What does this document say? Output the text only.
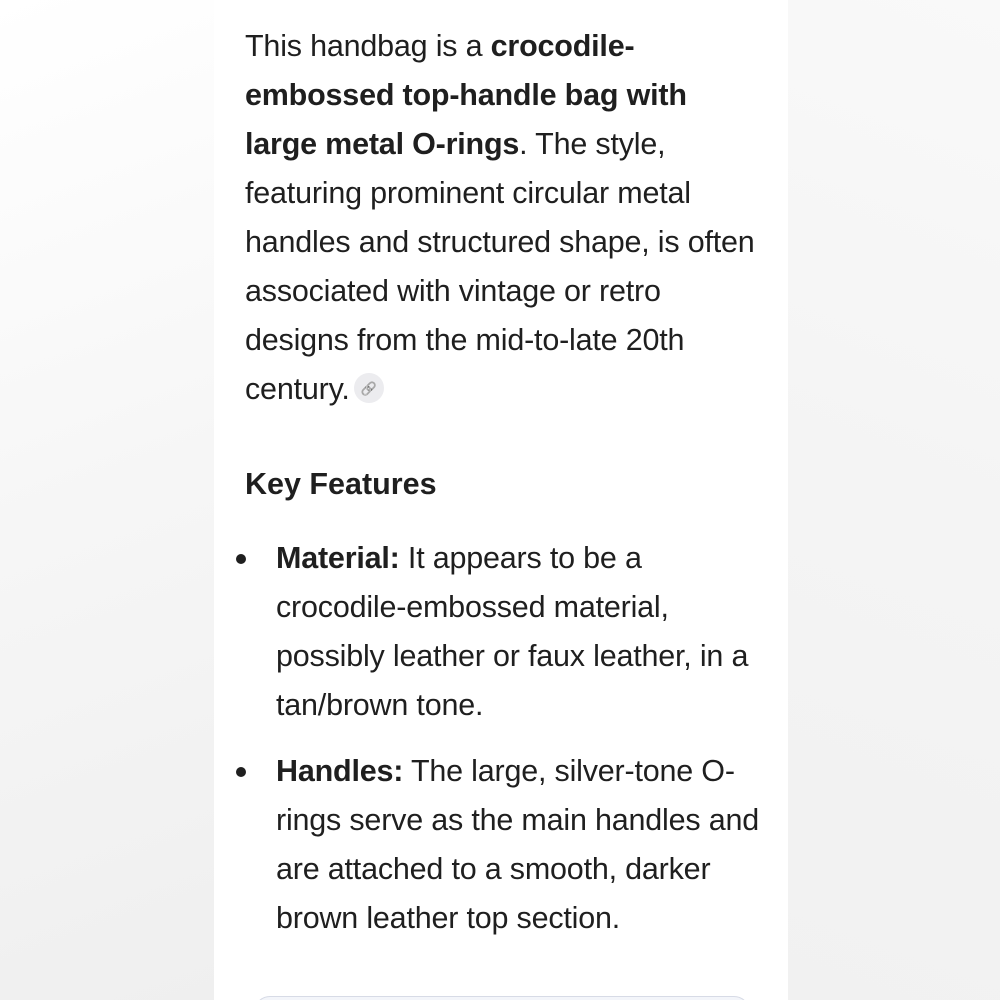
This handbag is a crocodile-embossed top-handle bag with large metal O-rings. The style, featuring prominent circular metal handles and structured shape, is often associated with vintage or retro designs from the mid-to-late 20th century. 🔗

Key Features
Material: It appears to be a crocodile-embossed material, possibly leather or faux leather, in a tan/brown tone.
Handles: The large, silver-tone O-rings serve as the main handles and are attached to a smooth, darker brown leather top section.
